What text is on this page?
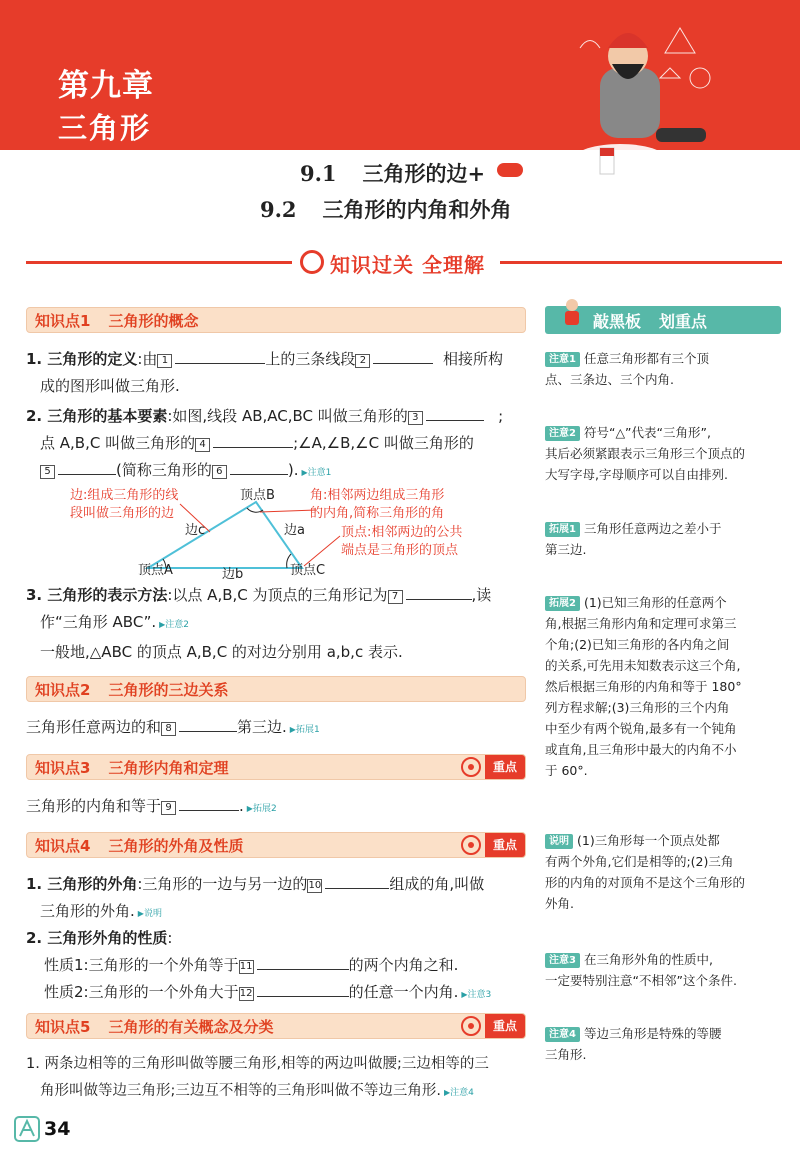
第九章
三角形
9.1 三角形的边+
9.2 三角形的内角和外角
知识过关 全理解
知识点1 三角形的概念
1. 三角形的定义:由 1	上的三条线段 2	相接所构
成的图形叫做三角形.
2. 三角形的基本要素:如图,线段 AB,AC,BC 叫做三角形的 3	;
点 A,B,C 叫做三角形的 4	;∠A,∠B,∠C 叫做三角形的
5	(简称三角形的 6	). ▶ 注意1
边:组成三角形的线
段叫做三角形的边
角:相邻两边组成三角形
的内角,简称三角形的角
顶点:相邻两边的公共
端点是三角形的顶点
顶点B
边c	边a
顶点A	边b	顶点C
3. 三角形的表示方法:以点 A,B,C 为顶点的三角形记为 7	,读
作“三角形 ABC”. ▶ 注意2
一般地,△ABC 的顶点 A,B,C 的对边分别用 a,b,c 表示.
知识点2 三角形的三边关系
三角形任意两边的和 8	第三边. ▶ 拓展1
知识点3 三角形内角和定理	重点
三角形的内角和等于 9	. ▶ 拓展2
知识点4 三角形的外角及性质	重点
1. 三角形的外角:三角形的一边与另一边的10	组成的角,叫做
三角形的外角. ▶ 说明
2. 三角形外角的性质:
性质1:三角形的一个外角等于11	的两个内角之和.
性质2:三角形的一个外角大于12	的任意一个内角. ▶ 注意3
知识点5 三角形的有关概念及分类	重点
1. 两条边相等的三角形叫做等腰三角形,相等的两边叫做腰;三边相等的三
角形叫做等边三角形;三边互不相等的三角形叫做不等边三角形. ▶ 注意4
敲黑板 划重点
注意1 任意三角形都有三个顶
点、三条边、三个内角.
注意2 符号“△”代表“三角形”,
其后必须紧跟表示三角形三个顶点的
大写字母,字母顺序可以自由排列.
拓展1 三角形任意两边之差小于
第三边.
拓展2 (1)已知三角形的任意两个
角,根据三角形内角和定理可求第三
个角;(2)已知三角形的各内角之间
的关系,可先用未知数表示这三个角,
然后根据三角形的内角和等于 180°
列方程求解;(3)三角形的三个内角
中至少有两个锐角,最多有一个钝角
或直角,且三角形中最大的内角不小
于 60°.
说明 (1)三角形每一个顶点处都
有两个外角,它们是相等的;(2)三角
形的内角的对顶角不是这个三角形的
外角.
注意3 在三角形外角的性质中,
一定要特别注意“不相邻”这个条件.
注意4 等边三角形是特殊的等腰
三角形.
34
